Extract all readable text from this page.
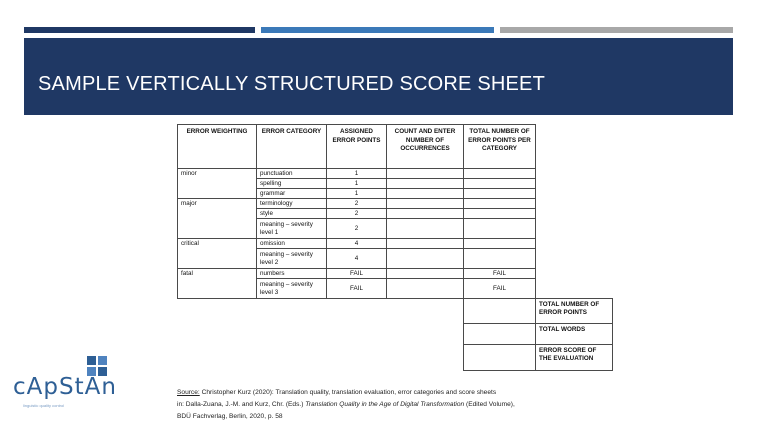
SAMPLE VERTICALLY STRUCTURED SCORE SHEET
ERROR WEIGHTING	ERROR CATEGORY	ASSIGNED ERROR POINTS	COUNT AND ENTER NUMBER OF OCCURRENCES	TOTAL NUMBER OF ERROR POINTS PER CATEGORY	
minor	punctuation	1			
	spelling	1			
	grammar	1			
major	terminology	2			
	style	2			
	meaning – severity level 1	2			
critical	omission	4			
	meaning – severity level 2	4			
fatal	numbers	FAIL		FAIL	
	meaning – severity level 3	FAIL		FAIL	
					TOTAL NUMBER OF ERROR POINTS
					TOTAL WORDS
					ERROR SCORE OF THE EVALUATION
cApStAn
linguistic quality control
Source: Christopher Kurz (2020): Translation quality, translation evaluation, error categories and score sheets
in: Dalla-Zuana, J.-M. and Kurz, Chr. (Eds.) Translation Quality in the Age of Digital Transformation (Edited Volume),
BDÜ Fachverlag, Berlin, 2020, p. 58
